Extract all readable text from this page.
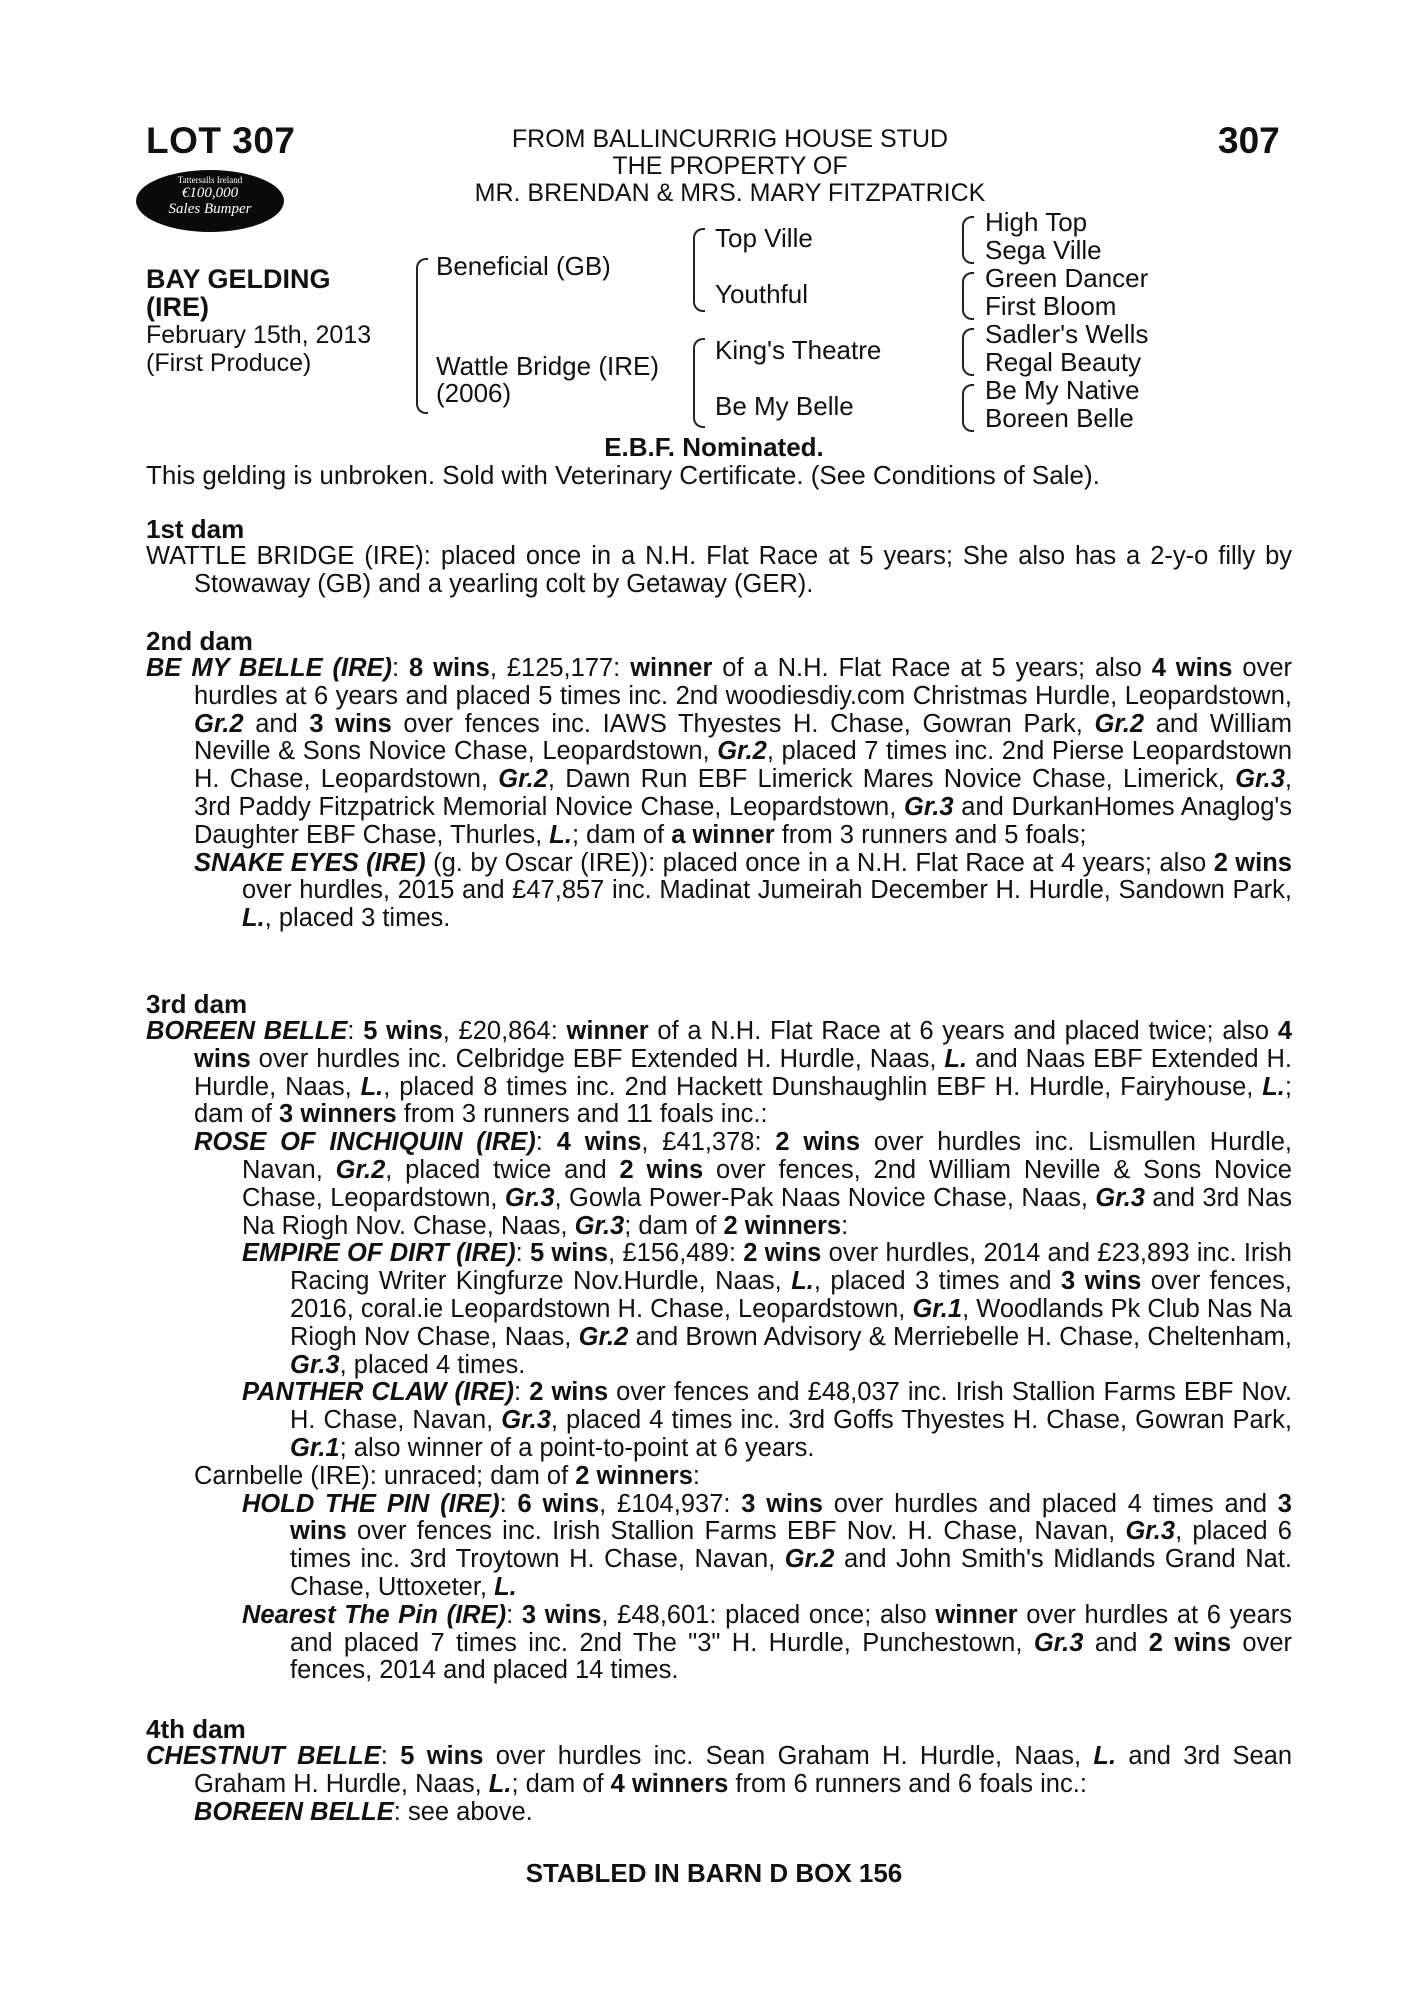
LOT 307	307
FROM BALLINCURRIG HOUSE STUD
THE PROPERTY OF
MR. BRENDAN & MRS. MARY FITZPATRICK
Tattersalls Ireland
€100,000
Sales Bumper
BAY GELDING
(IRE)
February 15th, 2013
(First Produce)
Beneficial (GB)
Wattle Bridge (IRE)
(2006)
Top Ville
Youthful
King's Theatre
Be My Belle
High Top
Sega Ville
Green Dancer
First Bloom
Sadler's Wells
Regal Beauty
Be My Native
Boreen Belle
E.B.F. Nominated.
This gelding is unbroken. Sold with Veterinary Certificate. (See Conditions of Sale).
1st dam
WATTLE BRIDGE (IRE): placed once in a N.H. Flat Race at 5 years; She also has a 2-y-o filly by Stowaway (GB) and a yearling colt by Getaway (GER).
2nd dam
BE MY BELLE (IRE): 8 wins, £125,177: winner of a N.H. Flat Race at 5 years; also 4 wins over hurdles at 6 years and placed 5 times inc. 2nd woodiesdiy.com Christmas Hurdle, Leopardstown, Gr.2 and 3 wins over fences inc. IAWS Thyestes H. Chase, Gowran Park, Gr.2 and William Neville & Sons Novice Chase, Leopardstown, Gr.2, placed 7 times inc. 2nd Pierse Leopardstown H. Chase, Leopardstown, Gr.2, Dawn Run EBF Limerick Mares Novice Chase, Limerick, Gr.3, 3rd Paddy Fitzpatrick Memorial Novice Chase, Leopardstown, Gr.3 and DurkanHomes Anaglog's Daughter EBF Chase, Thurles, L.; dam of a winner from 3 runners and 5 foals;
SNAKE EYES (IRE) (g. by Oscar (IRE)): placed once in a N.H. Flat Race at 4 years; also 2 wins over hurdles, 2015 and £47,857 inc. Madinat Jumeirah December H. Hurdle, Sandown Park, L., placed 3 times.
3rd dam
BOREEN BELLE: 5 wins, £20,864: winner of a N.H. Flat Race at 6 years and placed twice; also 4 wins over hurdles inc. Celbridge EBF Extended H. Hurdle, Naas, L. and Naas EBF Extended H. Hurdle, Naas, L., placed 8 times inc. 2nd Hackett Dunshaughlin EBF H. Hurdle, Fairyhouse, L.; dam of 3 winners from 3 runners and 11 foals inc.:
ROSE OF INCHIQUIN (IRE): 4 wins, £41,378: 2 wins over hurdles inc. Lismullen Hurdle, Navan, Gr.2, placed twice and 2 wins over fences, 2nd William Neville & Sons Novice Chase, Leopardstown, Gr.3, Gowla Power-Pak Naas Novice Chase, Naas, Gr.3 and 3rd Nas Na Riogh Nov. Chase, Naas, Gr.3; dam of 2 winners:
EMPIRE OF DIRT (IRE): 5 wins, £156,489: 2 wins over hurdles, 2014 and £23,893 inc. Irish Racing Writer Kingfurze Nov.Hurdle, Naas, L., placed 3 times and 3 wins over fences, 2016, coral.ie Leopardstown H. Chase, Leopardstown, Gr.1, Woodlands Pk Club Nas Na Riogh Nov Chase, Naas, Gr.2 and Brown Advisory & Merriebelle H. Chase, Cheltenham, Gr.3, placed 4 times.
PANTHER CLAW (IRE): 2 wins over fences and £48,037 inc. Irish Stallion Farms EBF Nov. H. Chase, Navan, Gr.3, placed 4 times inc. 3rd Goffs Thyestes H. Chase, Gowran Park, Gr.1; also winner of a point-to-point at 6 years.
Carnbelle (IRE): unraced; dam of 2 winners:
HOLD THE PIN (IRE): 6 wins, £104,937: 3 wins over hurdles and placed 4 times and 3 wins over fences inc. Irish Stallion Farms EBF Nov. H. Chase, Navan, Gr.3, placed 6 times inc. 3rd Troytown H. Chase, Navan, Gr.2 and John Smith's Midlands Grand Nat. Chase, Uttoxeter, L.
Nearest The Pin (IRE): 3 wins, £48,601: placed once; also winner over hurdles at 6 years and placed 7 times inc. 2nd The "3" H. Hurdle, Punchestown, Gr.3 and 2 wins over fences, 2014 and placed 14 times.
4th dam
CHESTNUT BELLE: 5 wins over hurdles inc. Sean Graham H. Hurdle, Naas, L. and 3rd Sean Graham H. Hurdle, Naas, L.; dam of 4 winners from 6 runners and 6 foals inc.:
BOREEN BELLE: see above.
STABLED IN BARN D BOX 156
